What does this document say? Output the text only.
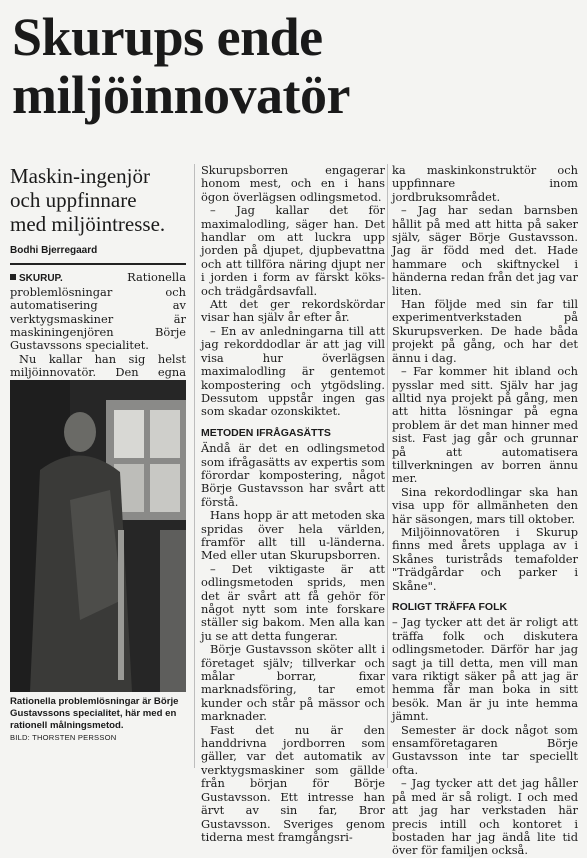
Skurups ende
miljöinnovatör
Maskin-ingenjör
och uppfinnare
med miljöintresse.
Bodhi Bjerregaard

SKURUP.	Rationella problemlösningar och automatisering av verktygsmaskiner är maskiningenjören Börje Gustavssons specialitet.

Nu kallar han sig helst miljöinnovatör. Den egna

Rationella problemlösningar är Börje Gustavssons specialitet, här med en rationell målningsmetod.
BILD: THORSTEN PERSSON

Skurupsborren engagerar honom mest, och en i hans ögon överlägsen odlingsmetod.

– Jag kallar det för maximalodling, säger han. Det handlar om att luckra upp jorden på djupet, djupbevattna och att tillföra näring djupt ner i jorden i form av färskt köks- och trädgårdsavfall.

Att det ger rekordskördar visar han själv år efter år.

– En av anledningarna till att jag rekorddodlar är att jag vill visa hur överlägsen maximalodling är gentemot kompostering och ytgödsling. Dessutom uppstår ingen gas som skadar ozonskiktet.

METODEN IFRÅGASÄTTS

Ändå är det en odlingsmetod som ifrågasätts av expertis som förordar kompostering, något Börje Gustavsson har svårt att förstå.

Hans hopp är att metoden ska spridas över hela världen, framför allt till u-länderna. Med eller utan Skurupsborren.

– Det viktigaste är att odlingsmetoden sprids, men det är svårt att få gehör för något nytt som inte forskare ställer sig bakom. Men alla kan ju se att detta fungerar.

Börje Gustavsson sköter allt i företaget själv; tillverkar och målar borrar, fixar marknadsföring, tar emot kunder och står på mässor och marknader.

Fast det nu är den handdrivna jordborren som gäller, var det automatik av verktygsmaskiner som gällde från början för Börje Gustavsson. Ett intresse han ärvt av sin far, Bror Gustavsson. Sveriges genom tiderna mest framgångsri-

ka maskinkonstruktör och uppfinnare inom jordbruksområdet.

– Jag har sedan barnsben hållit på med att hitta på saker själv, säger Börje Gustavsson. Jag är född med det. Hade hammare och skiftnyckel i händerna redan från det jag var liten.

Han följde med sin far till experimentverkstaden på Skurupsverken. De hade båda projekt på gång, och har det ännu i dag.

– Far kommer hit ibland och pysslar med sitt. Själv har jag alltid nya projekt på gång, men att hitta lösningar på egna problem är det man hinner med sist. Fast jag går och grunnar på att automatisera tillverkningen av borren ännu mer.

Sina rekordodlingar ska han visa upp för allmänheten den här säsongen, mars till oktober.

Miljöinnovatören i Skurup finns med årets upplaga av i Skånes turistråds temafolder "Trädgårdar och parker i Skåne".

ROLIGT TRÄFFA FOLK

– Jag tycker att det är roligt att träffa folk och diskutera odlingsmetoder. Därför har jag sagt ja till detta, men vill man vara riktigt säker på att jag är hemma får man boka in sitt besök. Man är ju inte hemma jämnt.

Semester är dock något som ensamföretagaren Börje Gustavsson inte tar speciellt ofta.

– Jag tycker att det jag håller på med är så roligt. I och med att jag har verkstaden här precis intill och kontoret i bostaden har jag ändå lite tid över för familjen också.
